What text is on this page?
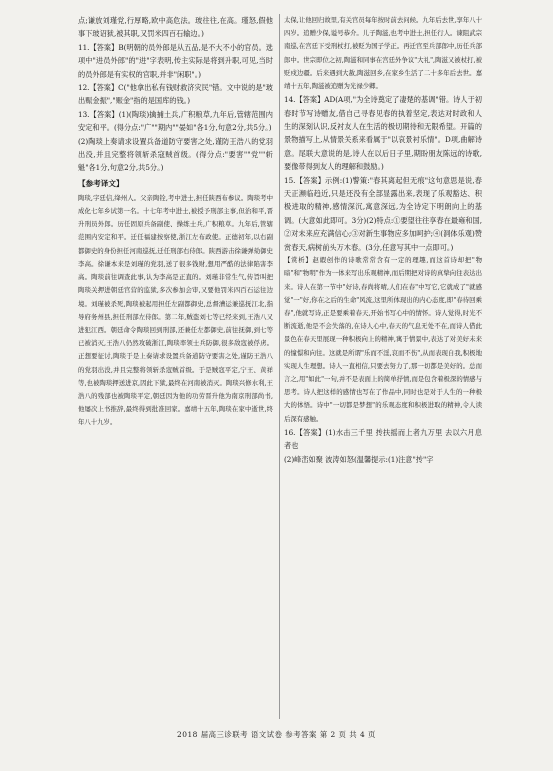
点;谦放刘瑾党,行厚略,欧中高危法。玻往往,在高。瑾怒,假他事下玻诏狱,被其职,又罚米四百石输边。)
11.【答案】B(明朝的员外郎是从五品,是不大不小的官员。选项中"进员外郎"的"进"字表明,传主实际是将到升职,可见,当时的员外郎是有实权的官职,并非"闲职"。)
12.【答案】C("他拿出私有钱财救济灾民"错。文中说的是"玻出赈金振","赈金"指的是国库的钱。)
13.【答案】(1)(陶琰)擒捕土兵,广积粮草,九年后,管辖范围内安定和平。(得分点:"广""期内""晏如"各1分,句意2分,共5分。)
(2)陶琰上奏请求设置兵备道防守要害之处,谨防王浩八的党羽出没,并且完整将领斩杀寇贼首级。(得分点:"要害""党""斩魁"各1分,句意2分,共5分。)

【参考译文】

陶琰,字廷信,绛州人。父亲陶铨,考中进士,担任陕西布参议。陶琰考中成化七年乡试第一名。十七年考中进士,被授予刑部主事,但治和平,晋升刑员外郎。历任固原兵备副使、操练士兵,广积粮草。九年后,管辖范围内安定和平。迁任福建按察使,浙江左布政使。正德初年,以右副都御史的身份担任河南巡抚,迁任刑部右侍郎。陕西游击徐谦弹劾御史李高。徐谦本来是刘瑾的党羽,送了很多钱财,想用严酷的法律陷害李高。陶琰前往调查此事,认为李高是正直的。刘瑾非常生气,传旨叫把陶琰关押进朝廷官营的监狱,多次参加会审,又要他罚米四百石运往边境。刘瑾被杀死,陶琰被起用担任左副都御史,总督漕运兼巡抚江北,指导府务州县,担任刑部左侍郎。第二年,贼盗刘七等已经来到,王浩八又进犯江西。朝廷命令陶琰回到刑部,还兼任左都御史,前往抚御,到七等已被消灭,王浩八仍然攻破浙江,陶琰率领士兵防御,很多敌寇被俘虏。正想要征讨,陶琰于是上奏请求设置兵备道防守要害之处,谨防王浩八的党羽出没,并且完整将领斩杀寇贼首级。于是贼寇平定,宁王、黄祥等,也被陶琰押送进京,因此下狱,最终在河南被消灭。陶琰兴修水利,王浩八的残部也被陶琰平定,朝廷因为他的功劳晋升他为南京刑部尚书,他屡次上书推辞,最终得到批准回家。嘉靖十五年,陶琰在家中逝世,终年八十九岁。

太保,让他回归故里,有关官员每年按时前去问候。九年后去世,享年八十四岁。追赠少保,谥号恭介。儿子陶滋,也考中进士,担任行人。谏阻武宗南巡,在宫廷下受刑杖打,被贬为国子学正。再迁官至兵部郎中,历任兵部郎中。世宗即位之初,陶滋和同事在宫廷外争议"大礼",陶滋又被杖打,被贬戍边疆。后来遇到大赦,陶滋回乡,在家乡生活了二十多年后去世。嘉靖十五年,陶滋被追赠为光禄少卿。

14.【答案】AD(A项,"为全诗奠定了凄楚的基调"错。诗人于初春时节写诗赠友,借自己寻春见春的执着坚定,表达对时政和人生的深刻认识,反衬友人在生活的极切期待和无限希望。开篇的景物描写上,从情景关系来看属于"以哀景衬乐情"。D项,曲解诗意。尾联大意说的是,诗人在以后日子里,期盼朋友陈远的诗歌,要像带得到友人的理解和鼓励。)

15.【答案】示例:(1)警策:"春其离起但无痕"这句意思是说,春天正濒临趋近,只是还没有全部显露出来,表现了乐观豁达、积极进取的精神,感情深沉,寓意深远,为全诗定下明朗向上的基调。(大意如此即可。3分)(2)特点:①要望往往享春在最雍和国,②对未来应充满信心;③对新生事物应多加呵护;④(洞体乐观)赞赏春天,病树前头万木春。(3分,任意写其中一点即可。)

【赏析】赵嘏创作的诗歌常常含有一定的理趣,而这首诗却把"物暗"和"物明"作为一体来写出乐观精神,而后期把对诗的真挚向往表达出来。诗人在第一节中"好诗,春尚将晴,人们在春"中写它,它就成了"就感觉"一"好,你在之后的生命"风流,这里所体现出的内心态度,即"春待回乘春",他就写诗,正是要乘着春天,开始书写心中的情怀。诗人觉得,时光不断流逝,他是不会失落的,在诗人心中,春天的气息无处不在,而诗人借此景色在春天里展现一种积极向上的精神,寓于情景中,表达了对美好未来的憧憬和向往。这就是所谓"乐而不淫,哀而不伤",从而表现自我,积极地实现人生理想。诗人一直相信,只要去努力了,那一切都是美好的。总而言之,用"如此"一句,并不是表面上的简单抒情,而是包含着极深的情感与思考。诗人把这样的感情也写在了作品中,同时也是对于人生的一种极大的体悟。诗中"一切都是梦想"的乐观态度和积极进取的精神,令人读后深有感触。

16.【答案】(1)水击三千里 抟扶摇而上者九万里 去以六月息者也
(2)峰峦如聚 波涛如怒(温馨提示:(1)注意"抟"字

2018 届高三诊联考 语文试卷 参考答案 第 2 页 共 4 页
